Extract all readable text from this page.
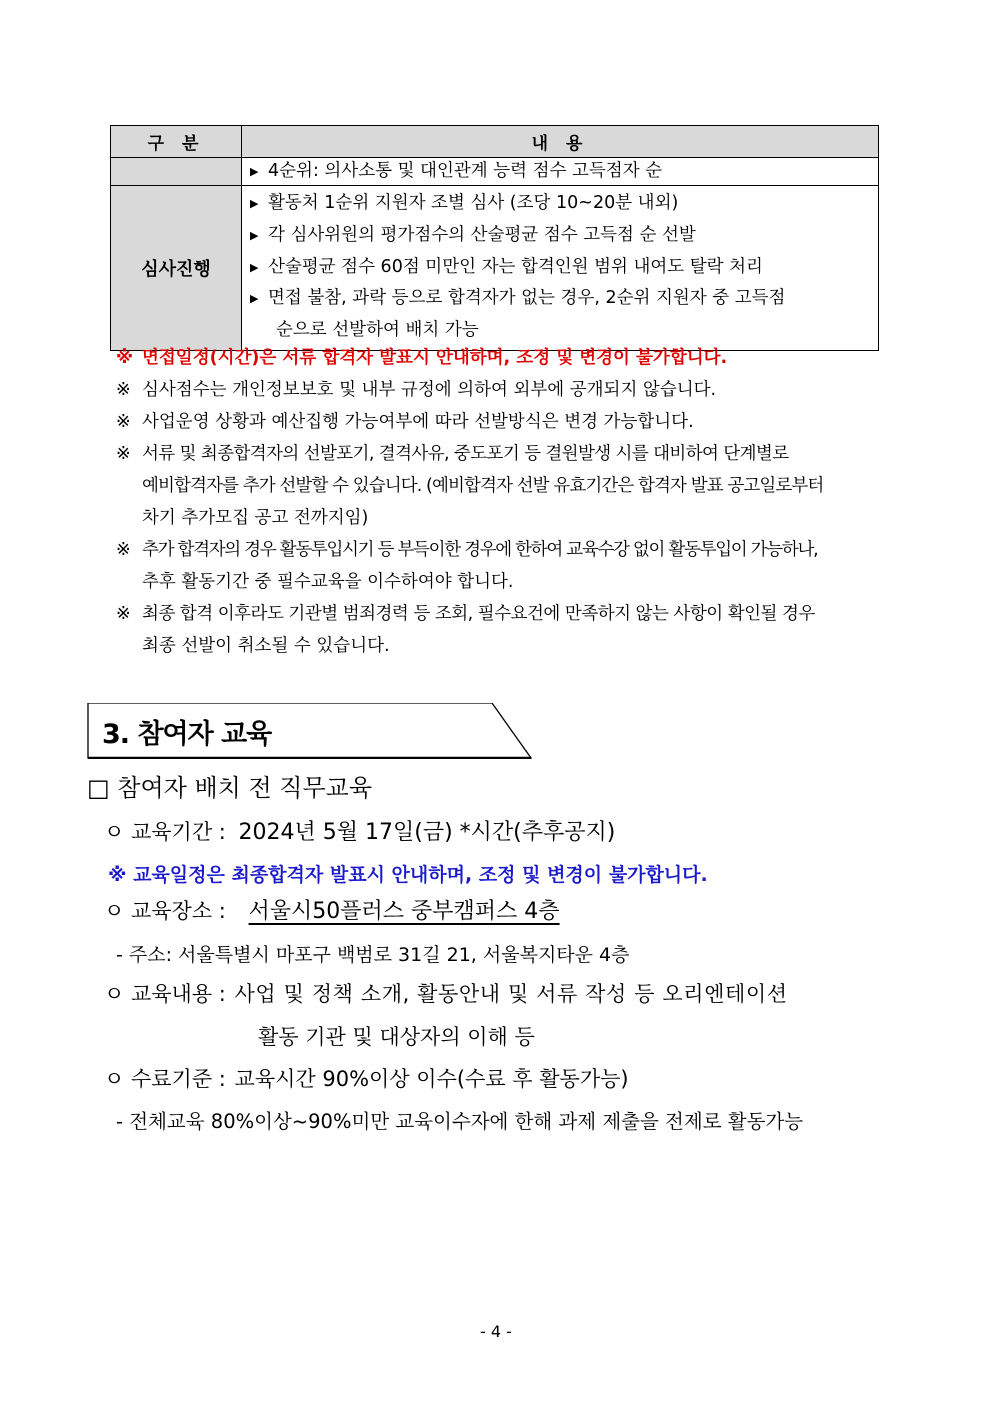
구 분	내 용

	▶ 4순위: 의사소통 및 대인관계 능력 점수 고득점자 순

심사진행	▶ 활동처 1순위 지원자 조별 심사 (조당 10~20분 내외)
▶ 각 심사위원의 평가점수의 산술평균 점수 고득점 순 선발
▶ 산술평균 점수 60점 미만인 자는 합격인원 범위 내여도 탈락 처리
▶ 면접 불참, 과락 등으로 합격자가 없는 경우, 2순위 지원자 중 고득점
순으로 선발하여 배치 가능
※ 면접일정(시간)은 서류 합격자 발표시 안내하며, 조정 및 변경이 불가합니다.
※ 심사점수는 개인정보보호 및 내부 규정에 의하여 외부에 공개되지 않습니다.
※ 사업운영 상황과 예산집행 가능여부에 따라 선발방식은 변경 가능합니다.
※ 서류 및 최종합격자의 선발포기, 결격사유, 중도포기 등 결원발생 시를 대비하여 단계별로
예비합격자를 추가 선발할 수 있습니다. (예비합격자 선발 유효기간은 합격자 발표 공고일로부터
차기 추가모집 공고 전까지임)
※ 추가 합격자의 경우 활동투입시기 등 부득이한 경우에 한하여 교육수강 없이 활동투입이 가능하나,
추후 활동기간 중 필수교육을 이수하여야 합니다.
※ 최종 합격 이후라도 기관별 범죄경력 등 조회, 필수요건에 만족하지 않는 사항이 확인될 경우
최종 선발이 취소될 수 있습니다.
3. 참여자 교육
□ 참여자 배치 전 직무교육
ㅇ 교육기간 : 2024년 5월 17일(금) *시간(추후공지)
※ 교육일정은 최종합격자 발표시 안내하며, 조정 및 변경이 불가합니다.
ㅇ 교육장소 : 서울시50플러스 중부캠퍼스 4층
- 주소: 서울특별시 마포구 백범로 31길 21, 서울복지타운 4층
ㅇ 교육내용 : 사업 및 정책 소개, 활동안내 및 서류 작성 등 오리엔테이션
활동 기관 및 대상자의 이해 등
ㅇ 수료기준 : 교육시간 90%이상 이수(수료 후 활동가능)
- 전체교육 80%이상~90%미만 교육이수자에 한해 과제 제출을 전제로 활동가능
- 4 -
